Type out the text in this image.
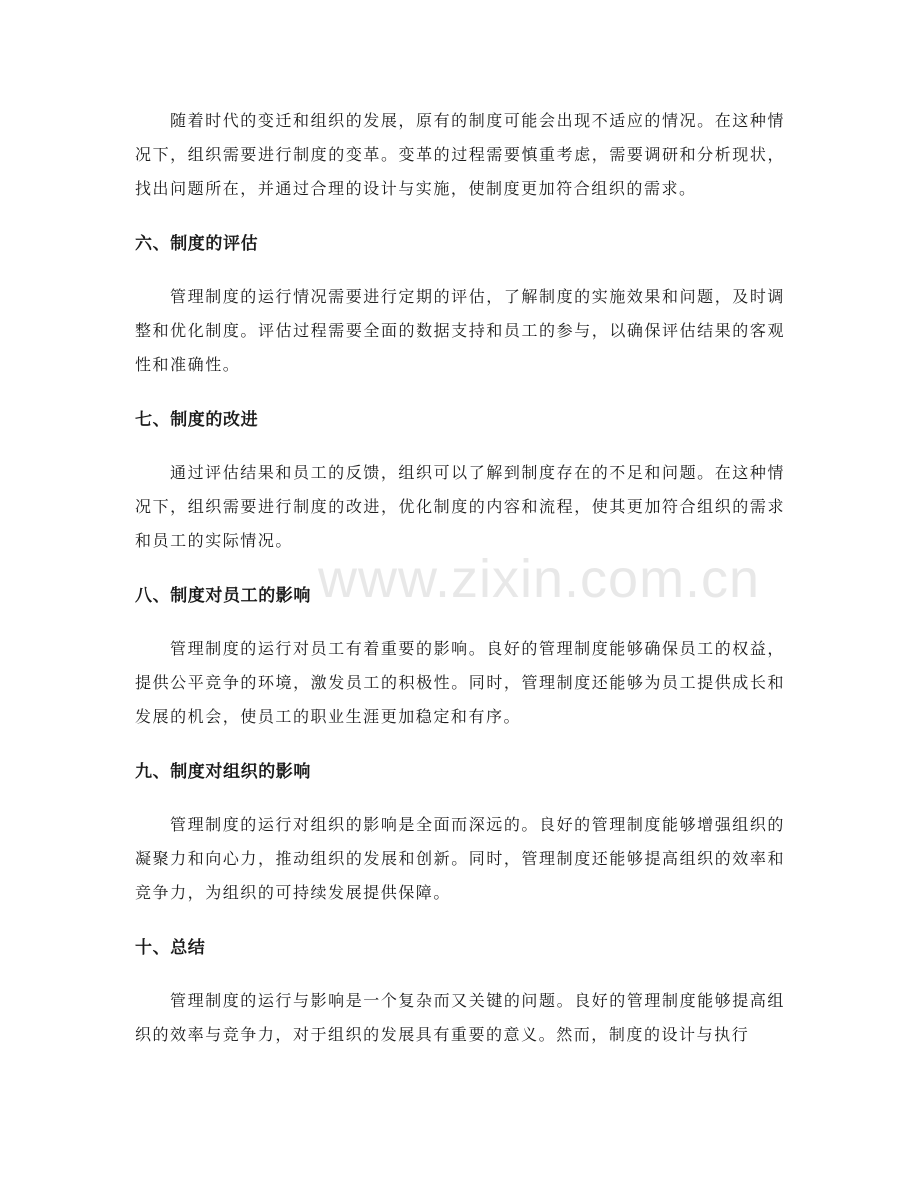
www.zixin.com.cn

随着时代的变迁和组织的发展，原有的制度可能会出现不适应的情况。在这种情况下，组织需要进行制度的变革。变革的过程需要慎重考虑，需要调研和分析现状，找出问题所在，并通过合理的设计与实施，使制度更加符合组织的需求。

六、制度的评估

管理制度的运行情况需要进行定期的评估，了解制度的实施效果和问题，及时调整和优化制度。评估过程需要全面的数据支持和员工的参与，以确保评估结果的客观性和准确性。

七、制度的改进

通过评估结果和员工的反馈，组织可以了解到制度存在的不足和问题。在这种情况下，组织需要进行制度的改进，优化制度的内容和流程，使其更加符合组织的需求和员工的实际情况。

八、制度对员工的影响

管理制度的运行对员工有着重要的影响。良好的管理制度能够确保员工的权益，提供公平竞争的环境，激发员工的积极性。同时，管理制度还能够为员工提供成长和发展的机会，使员工的职业生涯更加稳定和有序。

九、制度对组织的影响

管理制度的运行对组织的影响是全面而深远的。良好的管理制度能够增强组织的凝聚力和向心力，推动组织的发展和创新。同时，管理制度还能够提高组织的效率和竞争力，为组织的可持续发展提供保障。

十、总结

管理制度的运行与影响是一个复杂而又关键的问题。良好的管理制度能够提高组织的效率与竞争力，对于组织的发展具有重要的意义。然而，制度的设计与执行
